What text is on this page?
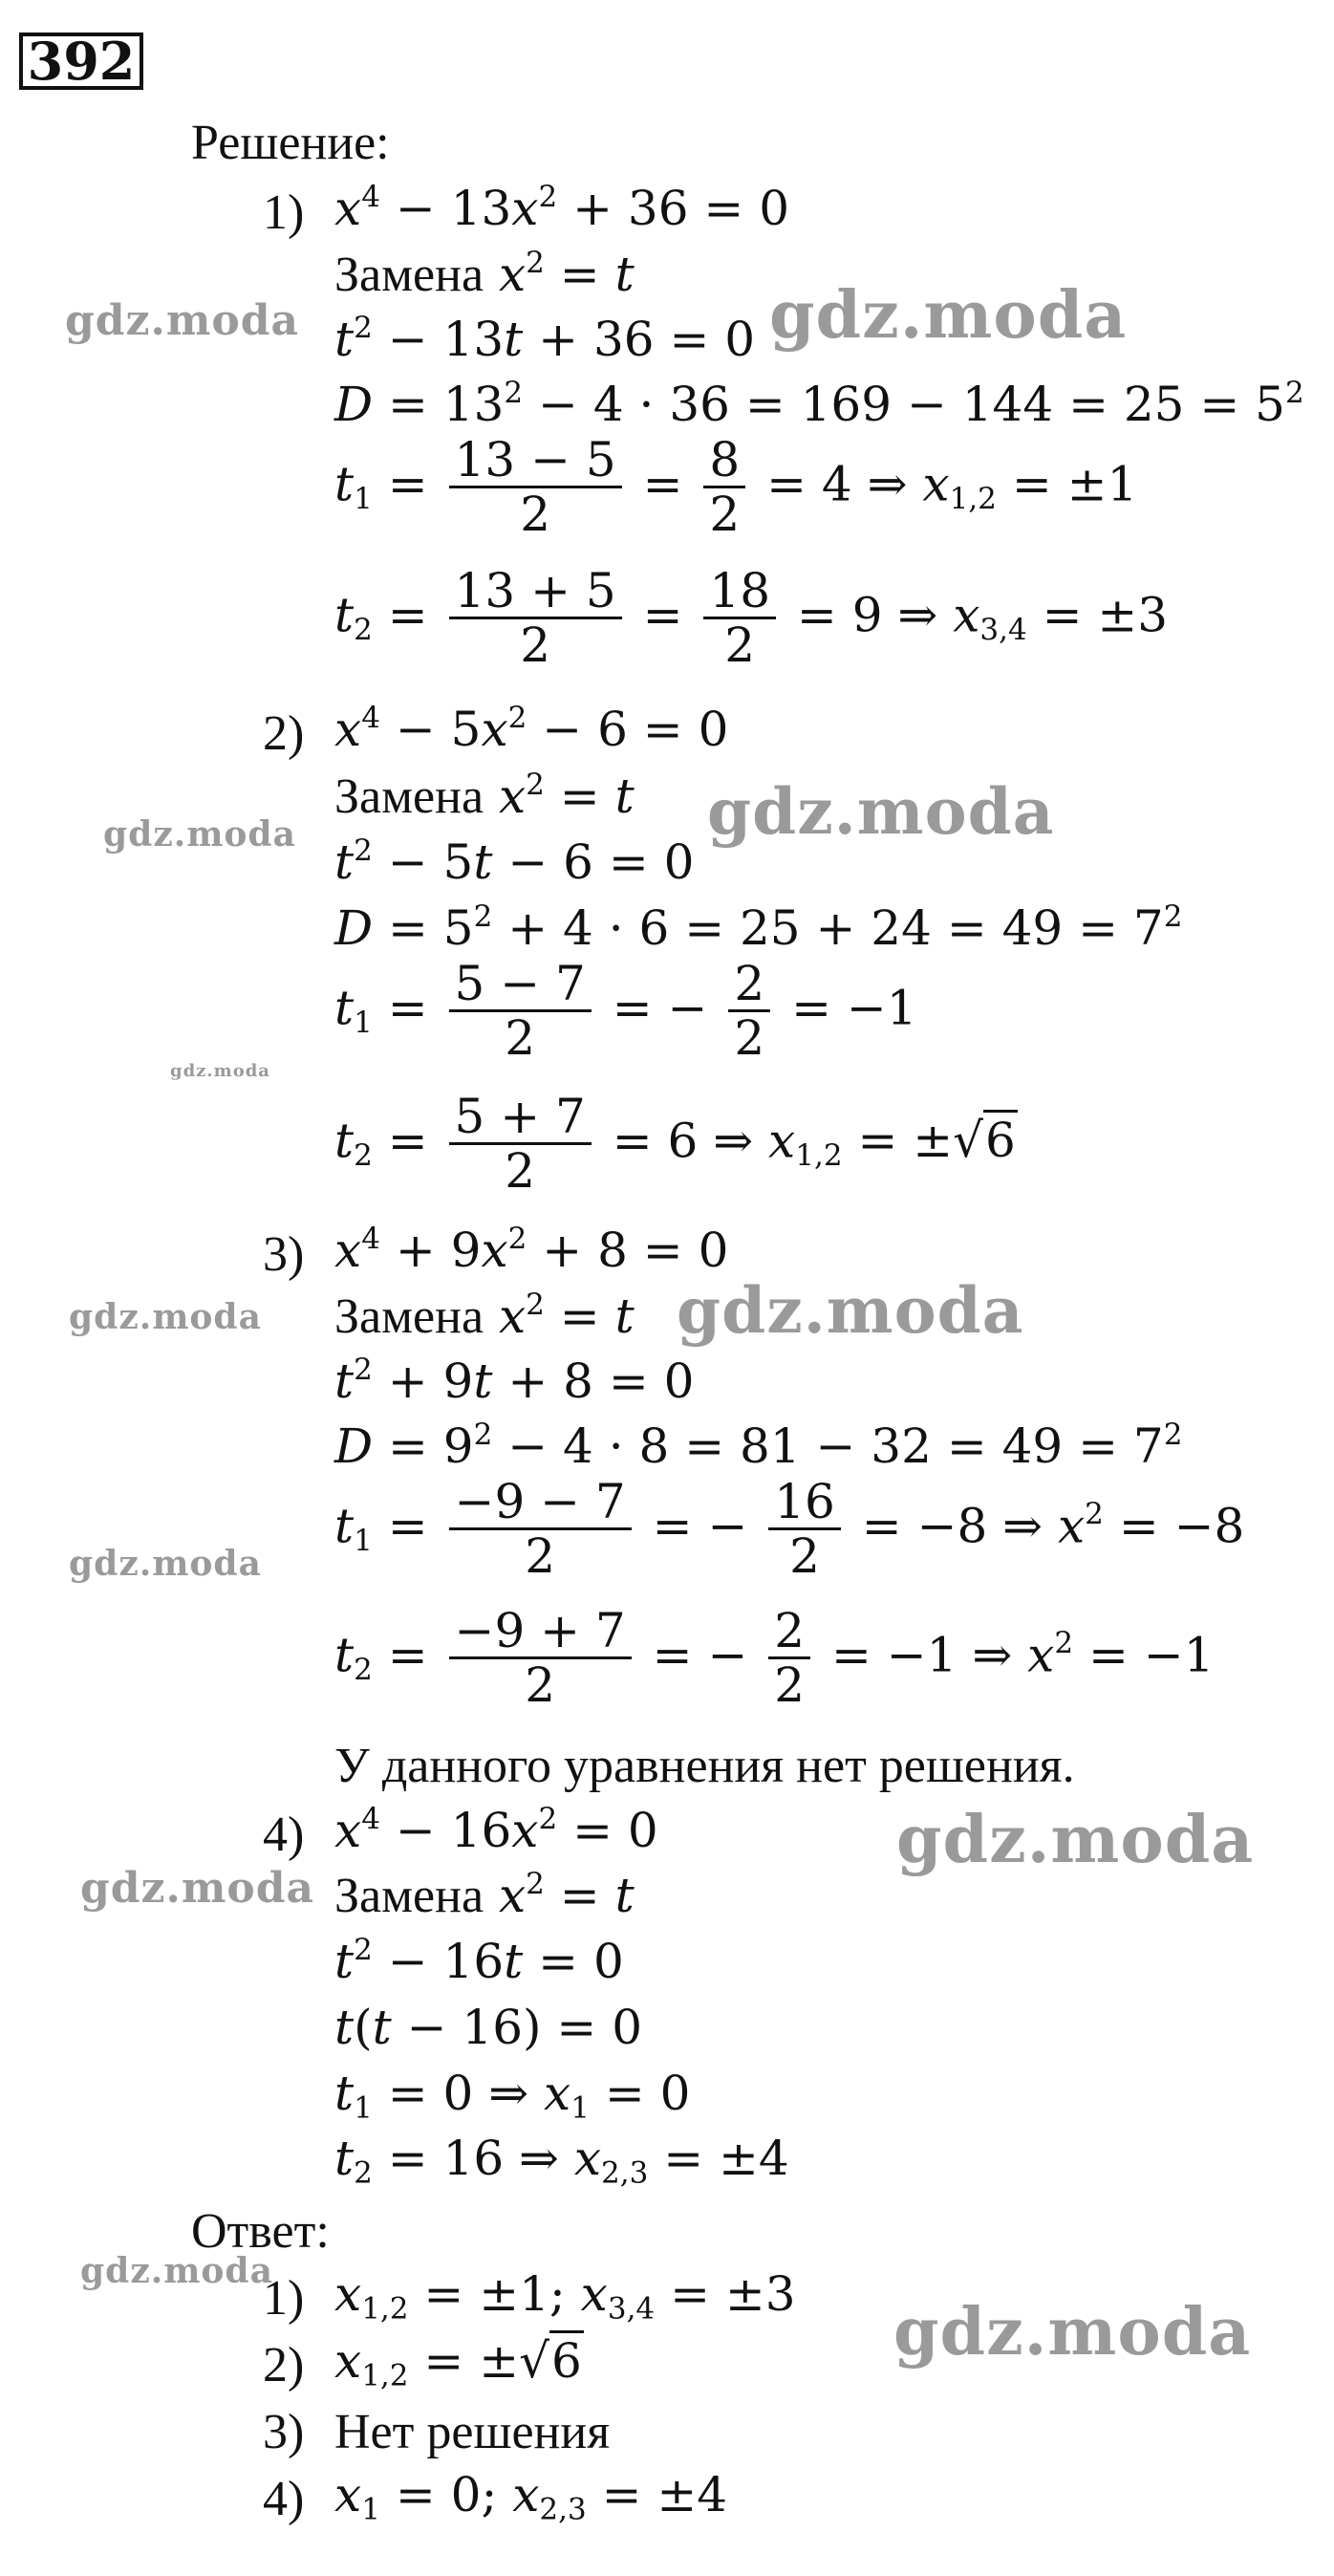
392
gdz.moda	gdz.moda
gdz.moda	gdz.moda
gdz.moda
gdz.moda	gdz.moda
gdz.moda
gdz.moda
gdz.moda
gdz.moda
gdz.moda
Решение:
1) $x^4 - 13x^2 + 36 = 0$
Замена $x^2 = t$
$t^2 - 13t + 36 = 0$
$D = 13^2 - 4 \cdot 36 = 169 - 144 = 25 = 5^2$
$t_1 = \frac{13 - 5}{2} = \frac{8}{2} = 4$ ⇒ $x_{1,2} = \pm 1$
$t_2 = \frac{13 + 5}{2} = \frac{18}{2} = 9$ ⇒ $x_{3,4} = \pm 3$
2) $x^4 - 5x^2 - 6 = 0$
Замена $x^2 = t$
$t^2 - 5t - 6 = 0$
$D = 5^2 + 4 \cdot 6 = 25 + 24 = 49 = 7^2$
$t_1 = \frac{5 - 7}{2}$ = − $\frac{2}{2} = -1$
$t_2 = \frac{5 + 7}{2} = 6$ ⇒ $x_{1,2} = \pm√6$
3) $x^4 + 9x^2 + 8 = 0$
Замена $x^2 = t$
$t^2 + 9t + 8 = 0$
$D = 9^2 - 4 \cdot 8 = 81 - 32 = 49 = 7^2$
$t_1 = \frac{-9 - 7}{2}$ = − $\frac{16}{2} = -8$ ⇒ $x^2 = -8$
$t_2 = \frac{-9 + 7}{2}$ = − $\frac{2}{2} = -1$ ⇒ $x^2 = -1$
У данного уравнения нет решения.
4) $x^4 - 16x^2 = 0$
Замена $x^2 = t$
$t^2 - 16t = 0$
t(t − 16) = 0
$t_1 = 0$ ⇒ $x_1 = 0$
$t_2 = 16$ ⇒ $x_{2,3} = \pm 4$
Ответ:
1) $x_{1,2} = \pm 1$; $x_{3,4} = \pm 3$
2) $x_{1,2} = \pm√6$
3) Нет решения
4) $x_1 = 0$; $x_{2,3} = \pm 4$
